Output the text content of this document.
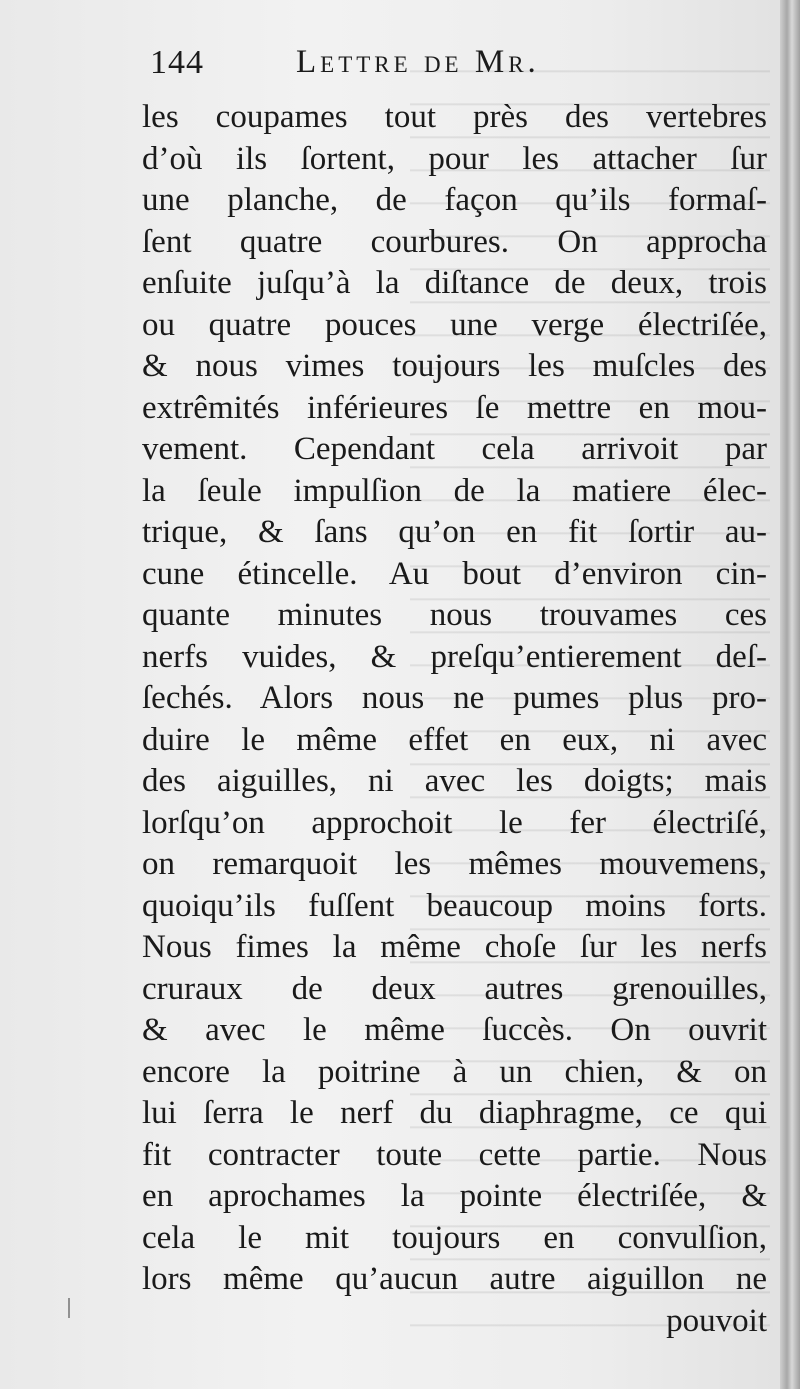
144	Lettre de Mr.
les coupames tout près des vertebres
d’où ils ſortent, pour les attacher ſur
une planche, de façon qu’ils formaſ-
ſent quatre courbures. On approcha
enſuite juſqu’à la diſtance de deux, trois
ou quatre pouces une verge électriſée,
& nous vimes toujours les muſcles des
extrêmités inférieures ſe mettre en mou-
vement. Cependant cela arrivoit par
la ſeule impulſion de la matiere élec-
trique, & ſans qu’on en fit ſortir au-
cune étincelle. Au bout d’environ cin-
quante minutes nous trouvames ces
nerfs vuides, & preſqu’entierement deſ-
ſechés. Alors nous ne pumes plus pro-
duire le même effet en eux, ni avec
des aiguilles, ni avec les doigts; mais
lorſqu’on approchoit le fer électriſé,
on remarquoit les mêmes mouvemens,
quoiqu’ils fuſſent beaucoup moins forts.
Nous fimes la même choſe ſur les nerfs
cruraux de deux autres grenouilles,
& avec le même ſuccès. On ouvrit
encore la poitrine à un chien, & on
lui ſerra le nerf du diaphragme, ce qui
fit contracter toute cette partie. Nous
en aprochames la pointe électriſée, &
cela le mit toujours en convulſion,
lors même qu’aucun autre aiguillon ne
pouvoit
